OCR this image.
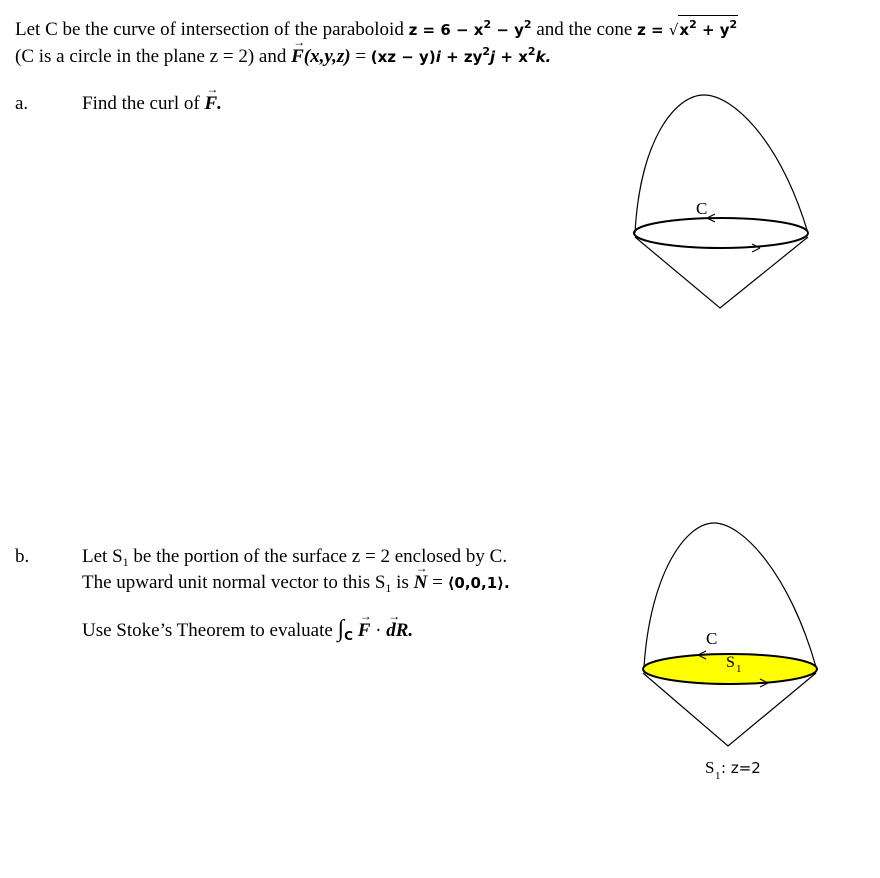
Let C be the curve of intersection of the paraboloid $z = 6 - x^2 - y^2$ and the cone $z = √x^2 + y^2$
(C is a circle in the plane z = 2) and → $F(x,y,z) = (xz - y)i + zy^2j + x^2k$.
a.	Find the curl of → F.
C
b.	Let $S_1$ be the portion of the surface z = 2 enclosed by C.
The upward unit normal vector to this $S_1$ is → N = ⟨0,0,1⟩.
Use Stoke’s Theorem to evaluate $\int_C \to F$ · → dR.	C
S 1
S 1 : z=2
